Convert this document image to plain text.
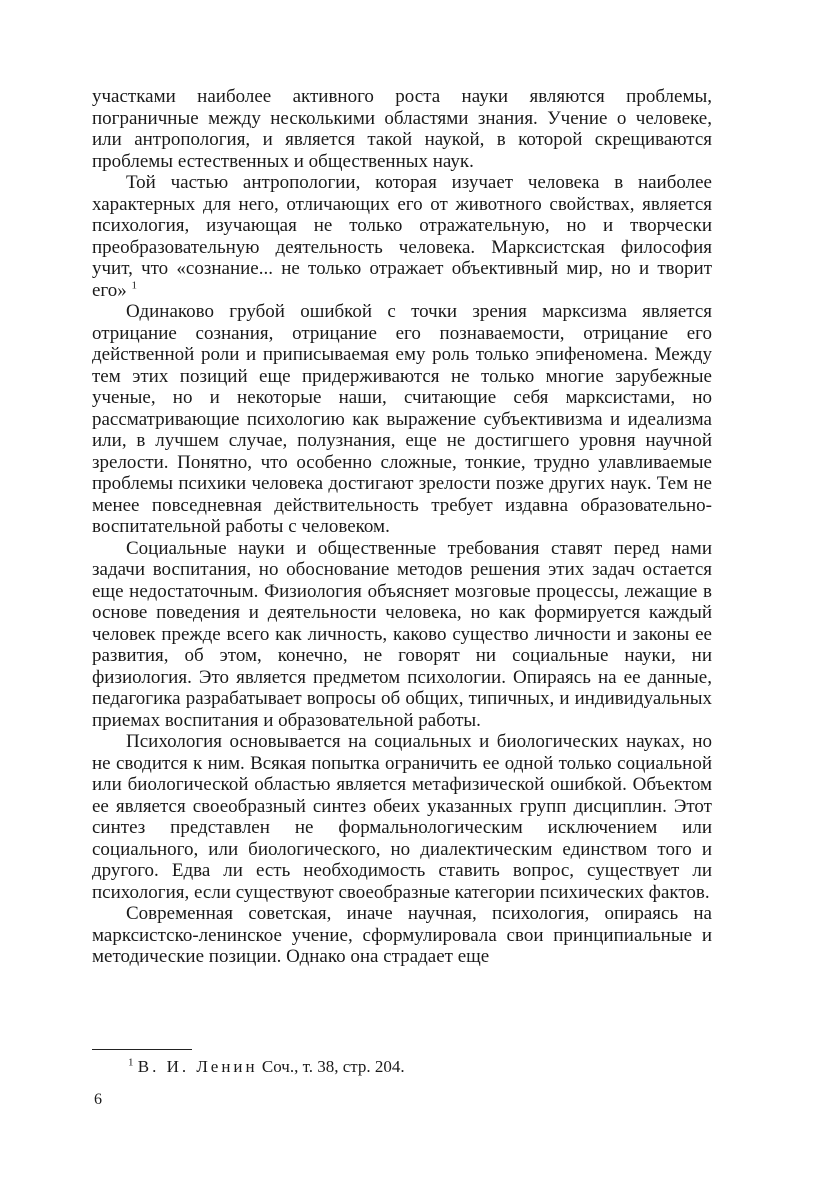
участками наиболее активного роста науки являются проблемы, пограничные между несколькими областями знания. Учение о человеке, или антропология, и является такой наукой, в которой скрещиваются проблемы естественных и общественных наук.

Той частью антропологии, которая изучает человека в наиболее характерных для него, отличающих его от животного свойствах, является психология, изучающая не только отражательную, но и творчески преобразовательную деятельность человека. Марксистская философия учит, что «сознание... не только отражает объективный мир, но и творит его» $^1$

Одинаково грубой ошибкой с точки зрения марксизма является отрицание сознания, отрицание его познаваемости, отрицание его действенной роли и приписываемая ему роль только эпифеномена. Между тем этих позиций еще придерживаются не только многие зарубежные ученые, но и некоторые наши, считающие себя марксистами, но рассматривающие психологию как выражение субъективизма и идеализма или, в лучшем случае, полузнания, еще не достигшего уровня научной зрелости. Понятно, что особенно сложные, тонкие, трудно улавливаемые проблемы психики человека достигают зрелости позже других наук. Тем не менее повседневная действительность требует издавна образовательно-воспитательной работы с человеком.

Социальные науки и общественные требования ставят перед нами задачи воспитания, но обоснование методов решения этих задач остается еще недостаточным. Физиология объясняет мозговые процессы, лежащие в основе поведения и деятельности человека, но как формируется каждый человек прежде всего как личность, каково существо личности и законы ее развития, об этом, конечно, не говорят ни социальные науки, ни физиология. Это является предметом психологии. Опираясь на ее данные, педагогика разрабатывает вопросы об общих, типичных, и индивидуальных приемах воспитания и образовательной работы.

Психология основывается на социальных и биологических науках, но не сводится к ним. Всякая попытка ограничить ее одной только социальной или биологической областью является метафизической ошибкой. Объектом ее является своеобразный синтез обеих указанных групп дисциплин. Этот синтез представлен не формальнологическим исключением или социального, или биологического, но диалектическим единством того и другого. Едва ли есть необходимость ставить вопрос, существует ли психология, если существуют своеобразные категории психических фактов.

Современная советская, иначе научная, психология, опираясь на марксистско-ленинское учение, сформулировала свои принципиальные и методические позиции. Однако она страдает еще

$^1$ В. И. Ленин Соч., т. 38, стр. 204.
6
